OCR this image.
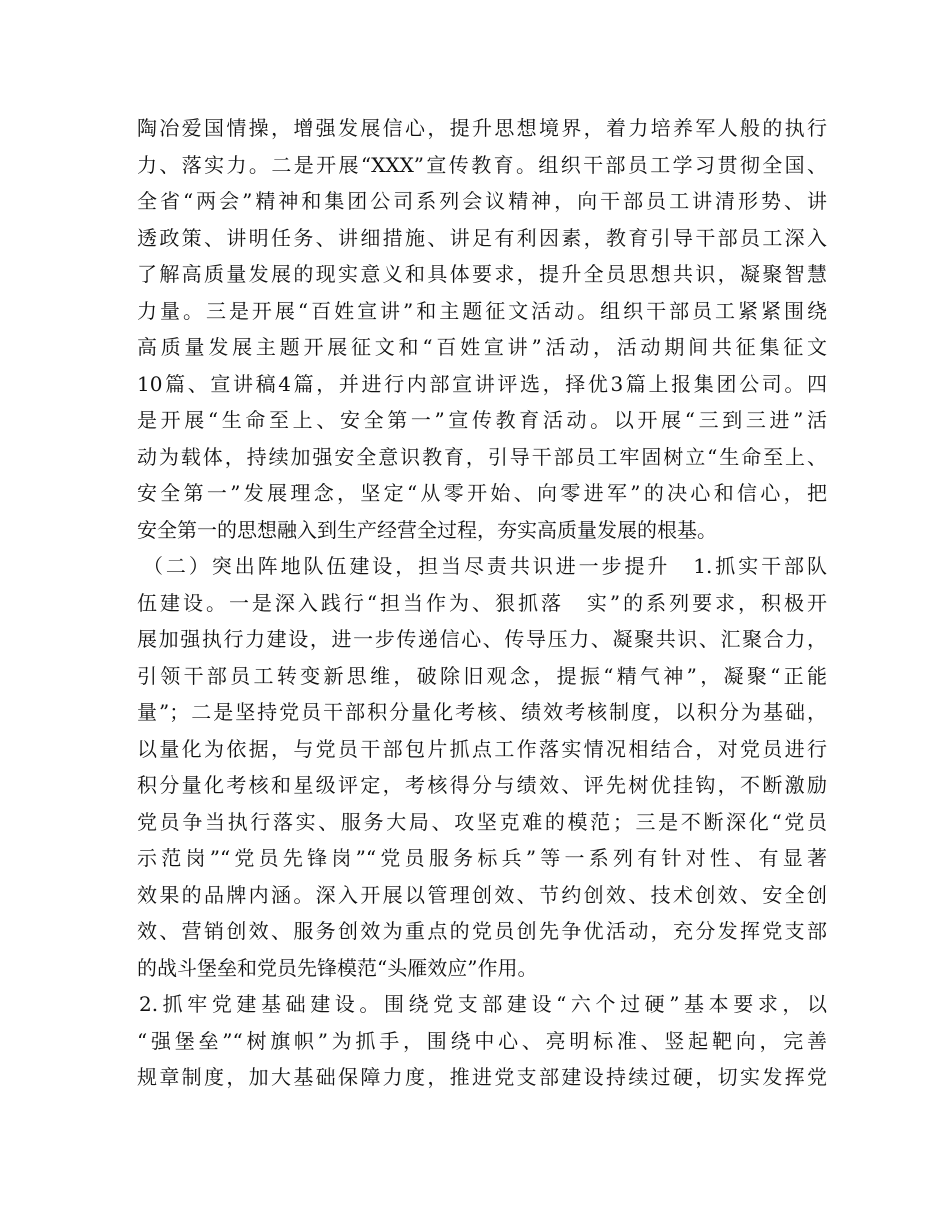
陶冶爱国情操，增强发展信心，提升思想境界，着力培养军人般的执行
力、落实力。二是开展“XXX”宣传教育。组织干部员工学习贯彻全国、
全省“两会”精神和集团公司系列会议精神，向干部员工讲清形势、讲
透政策、讲明任务、讲细措施、讲足有利因素，教育引导干部员工深入
了解高质量发展的现实意义和具体要求，提升全员思想共识，凝聚智慧
力量。三是开展“百姓宣讲”和主题征文活动。组织干部员工紧紧围绕
高质量发展主题开展征文和“百姓宣讲”活动，活动期间共征集征文
10篇、宣讲稿4篇，并进行内部宣讲评选，择优3篇上报集团公司。四
是开展“生命至上、安全第一”宣传教育活动。以开展“三到三进”活
动为载体，持续加强安全意识教育，引导干部员工牢固树立“生命至上、
安全第一”发展理念，坚定“从零开始、向零进军”的决心和信心，把
安全第一的思想融入到生产经营全过程，夯实高质量发展的根基。
（二）突出阵地队伍建设，担当尽责共识进一步提升　1.抓实干部队
伍建设。一是深入践行“担当作为、狠抓落　实”的系列要求，积极开
展加强执行力建设，进一步传递信心、传导压力、凝聚共识、汇聚合力，
引领干部员工转变新思维，破除旧观念，提振“精气神”，凝聚“正能
量”；二是坚持党员干部积分量化考核、绩效考核制度，以积分为基础，
以量化为依据，与党员干部包片抓点工作落实情况相结合，对党员进行
积分量化考核和星级评定，考核得分与绩效、评先树优挂钩，不断激励
党员争当执行落实、服务大局、攻坚克难的模范；三是不断深化“党员
示范岗”“党员先锋岗”“党员服务标兵”等一系列有针对性、有显著
效果的品牌内涵。深入开展以管理创效、节约创效、技术创效、安全创
效、营销创效、服务创效为重点的党员创先争优活动，充分发挥党支部
的战斗堡垒和党员先锋模范“头雁效应”作用。
2.抓牢党建基础建设。围绕党支部建设“六个过硬”基本要求，以
“强堡垒”“树旗帜”为抓手，围绕中心、亮明标准、竖起靶向，完善
规章制度，加大基础保障力度，推进党支部建设持续过硬，切实发挥党
